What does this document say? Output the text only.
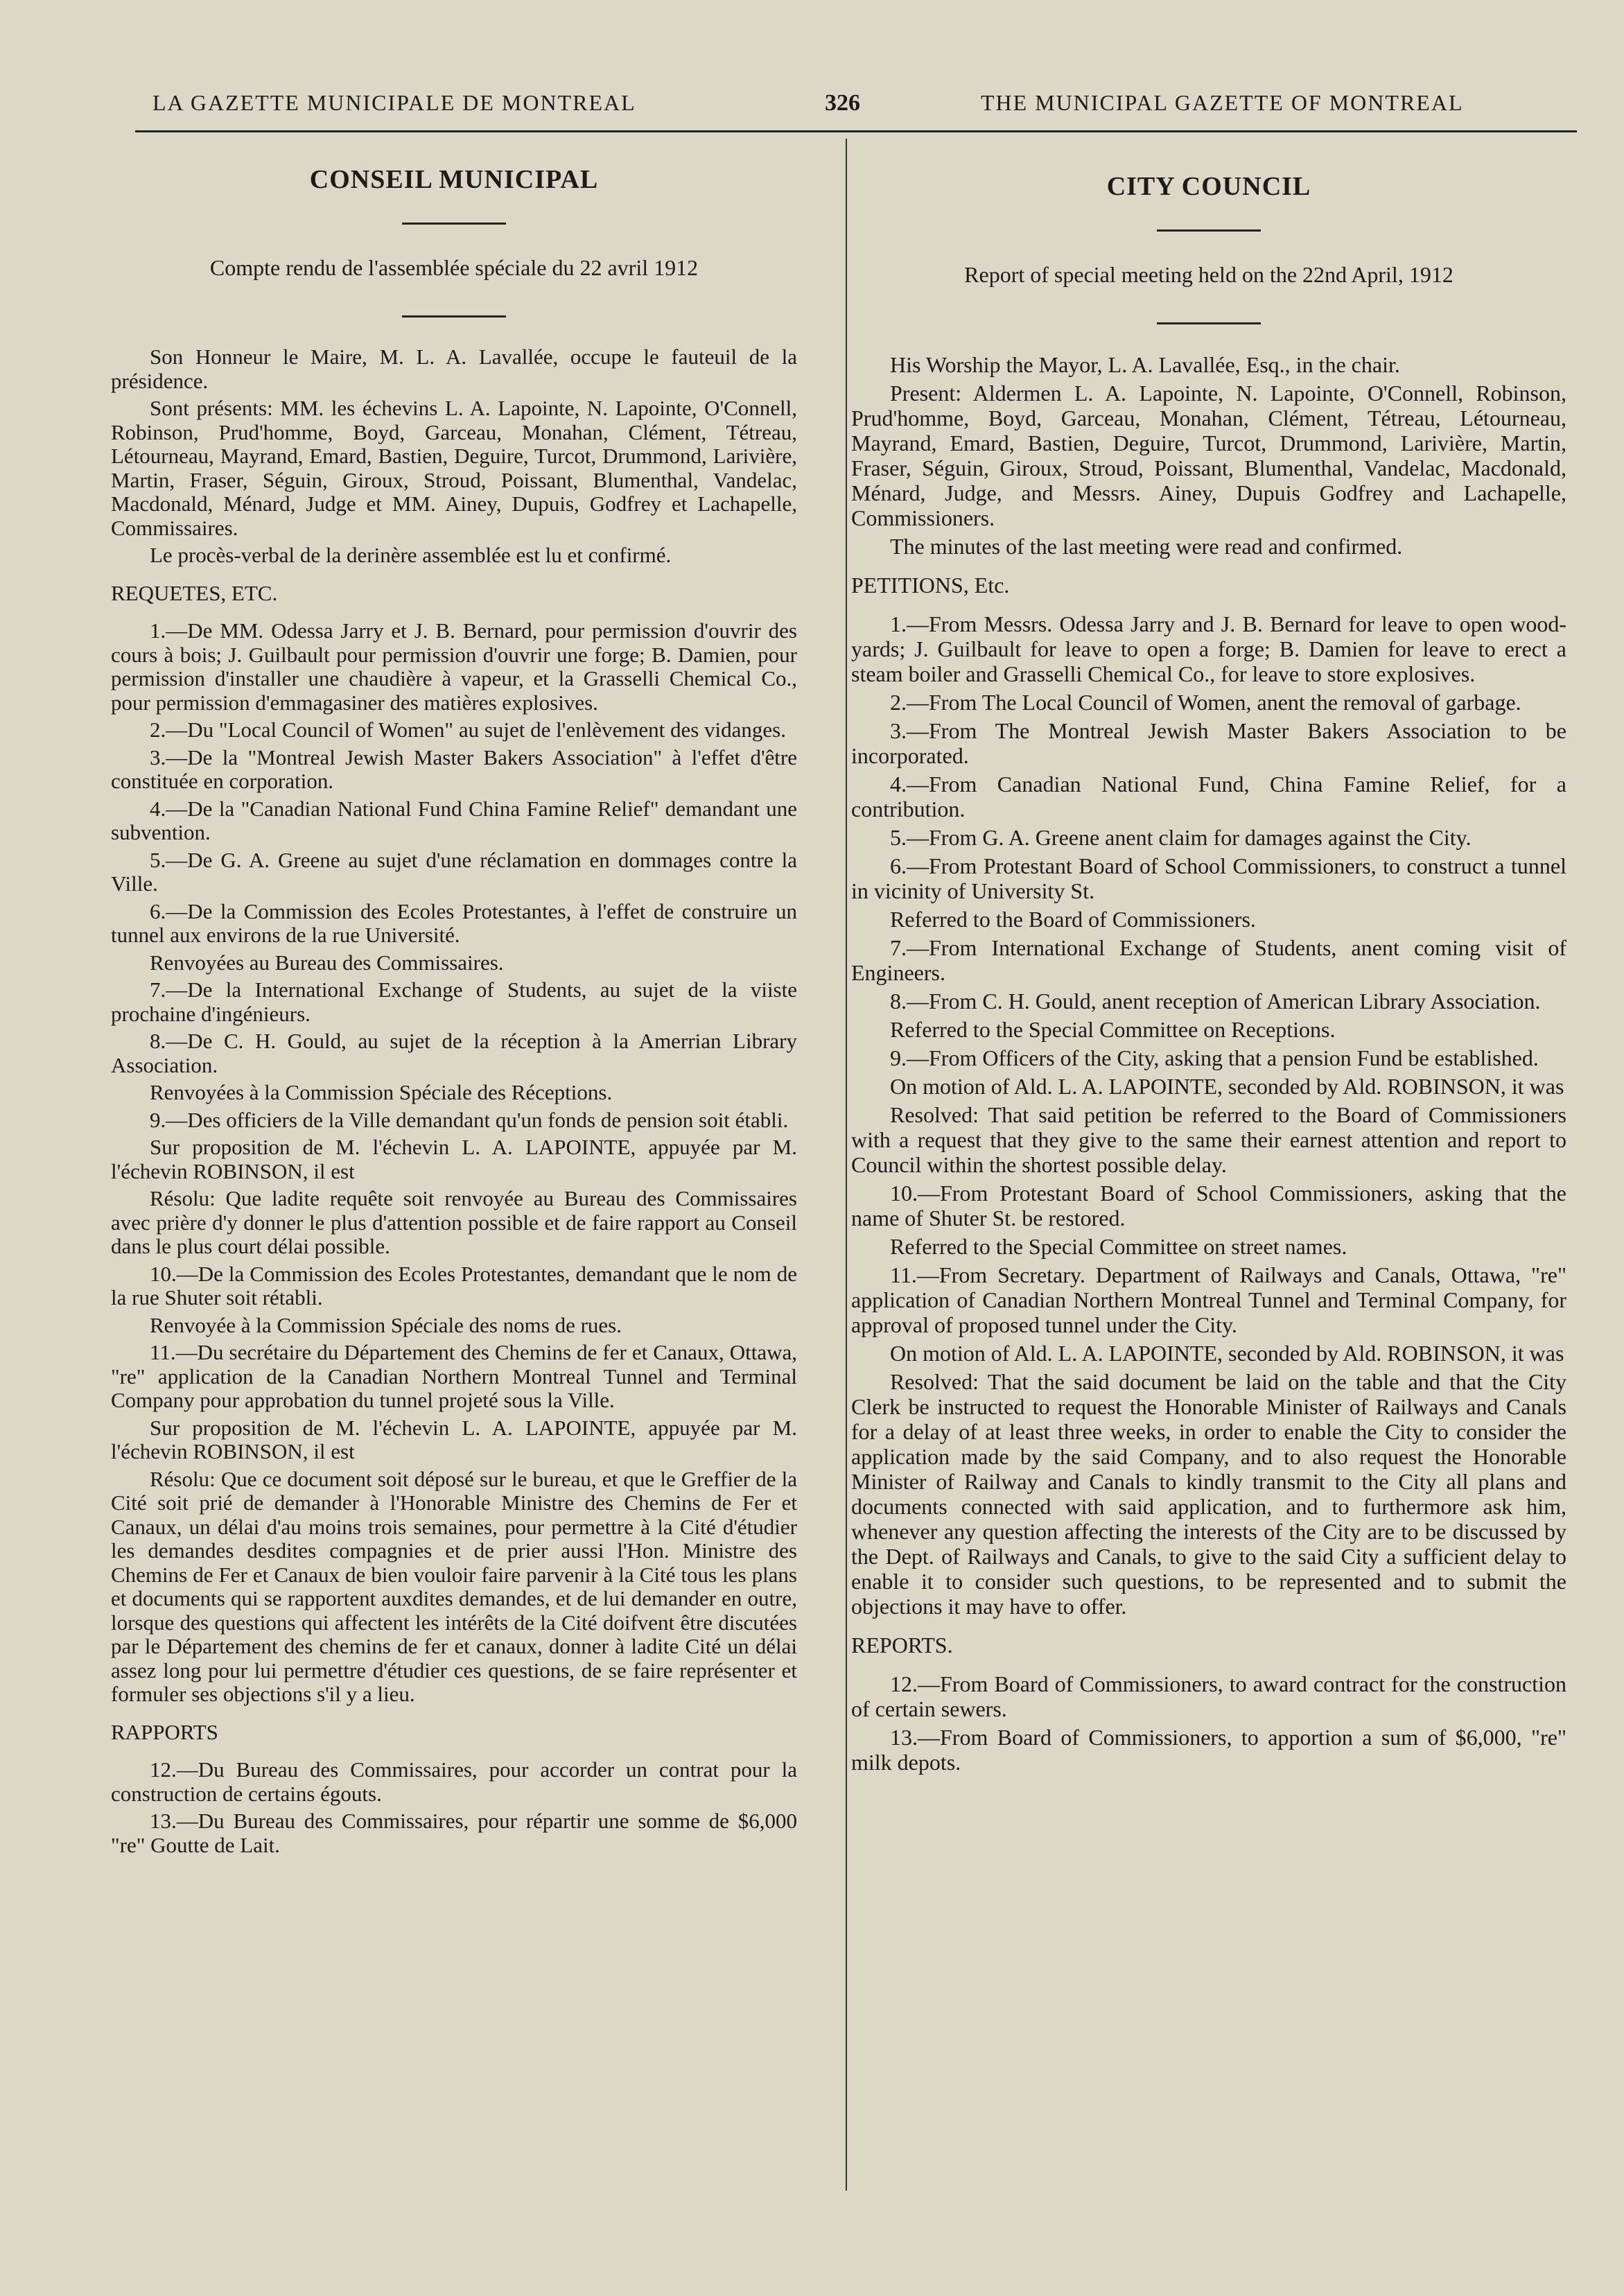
LA GAZETTE MUNICIPALE DE MONTREAL	326	THE MUNICIPAL GAZETTE OF MONTREAL
CONSEIL MUNICIPAL
Compte rendu de l'assemblée spéciale du 22 avril 1912

Son Honneur le Maire, M. L. A. Lavallée, occupe le fauteuil de la présidence.

Sont présents: MM. les échevins L. A. Lapointe, N. Lapointe, O'Connell, Robinson, Prud'homme, Boyd, Garceau, Monahan, Clément, Tétreau, Létourneau, Mayrand, Emard, Bastien, Deguire, Turcot, Drummond, Larivière, Martin, Fraser, Séguin, Giroux, Stroud, Poissant, Blumenthal, Vandelac, Macdonald, Ménard, Judge et MM. Ainey, Dupuis, Godfrey et Lachapelle, Commissaires.

Le procès-verbal de la derinère assemblée est lu et confirmé.

REQUETES, ETC.

1.—De MM. Odessa Jarry et J. B. Bernard, pour permission d'ouvrir des cours à bois; J. Guilbault pour permission d'ouvrir une forge; B. Damien, pour permission d'installer une chaudière à vapeur, et la Grasselli Chemical Co., pour permission d'emmagasiner des matières explosives.

2.—Du "Local Council of Women" au sujet de l'enlèvement des vidanges.

3.—De la "Montreal Jewish Master Bakers Association" à l'effet d'être constituée en corporation.

4.—De la "Canadian National Fund China Famine Relief" demandant une subvention.

5.—De G. A. Greene au sujet d'une réclamation en dommages contre la Ville.

6.—De la Commission des Ecoles Protestantes, à l'effet de construire un tunnel aux environs de la rue Université.

Renvoyées au Bureau des Commissaires.

7.—De la International Exchange of Students, au sujet de la viiste prochaine d'ingénieurs.

8.—De C. H. Gould, au sujet de la réception à la Amerrian Library Association.

Renvoyées à la Commission Spéciale des Réceptions.

9.—Des officiers de la Ville demandant qu'un fonds de pension soit établi.

Sur proposition de M. l'échevin L. A. LAPOINTE, appuyée par M. l'échevin ROBINSON, il est

Résolu: Que ladite requête soit renvoyée au Bureau des Commissaires avec prière d'y donner le plus d'attention possible et de faire rapport au Conseil dans le plus court délai possible.

10.—De la Commission des Ecoles Protestantes, demandant que le nom de la rue Shuter soit rétabli.

Renvoyée à la Commission Spéciale des noms de rues.

11.—Du secrétaire du Département des Chemins de fer et Canaux, Ottawa, "re" application de la Canadian Northern Montreal Tunnel and Terminal Company pour approbation du tunnel projeté sous la Ville.

Sur proposition de M. l'échevin L. A. LAPOINTE, appuyée par M. l'échevin ROBINSON, il est

Résolu: Que ce document soit déposé sur le bureau, et que le Greffier de la Cité soit prié de demander à l'Honorable Ministre des Chemins de Fer et Canaux, un délai d'au moins trois semaines, pour permettre à la Cité d'étudier les demandes desdites compagnies et de prier aussi l'Hon. Ministre des Chemins de Fer et Canaux de bien vouloir faire parvenir à la Cité tous les plans et documents qui se rapportent auxdites demandes, et de lui demander en outre, lorsque des questions qui affectent les intérêts de la Cité doifvent être discutées par le Département des chemins de fer et canaux, donner à ladite Cité un délai assez long pour lui permettre d'étudier ces questions, de se faire représenter et formuler ses objections s'il y a lieu.

RAPPORTS

12.—Du Bureau des Commissaires, pour accorder un contrat pour la construction de certains égouts.

13.—Du Bureau des Commissaires, pour répartir une somme de $6,000 "re" Goutte de Lait.

CITY COUNCIL
Report of special meeting held on the 22nd April, 1912

His Worship the Mayor, L. A. Lavallée, Esq., in the chair.

Present: Aldermen L. A. Lapointe, N. Lapointe, O'Connell, Robinson, Prud'homme, Boyd, Garceau, Monahan, Clément, Tétreau, Létourneau, Mayrand, Emard, Bastien, Deguire, Turcot, Drummond, Larivière, Martin, Fraser, Séguin, Giroux, Stroud, Poissant, Blumenthal, Vandelac, Macdonald, Ménard, Judge, and Messrs. Ainey, Dupuis Godfrey and Lachapelle, Commissioners.

The minutes of the last meeting were read and confirmed.

PETITIONS, Etc.

1.—From Messrs. Odessa Jarry and J. B. Bernard for leave to open wood-yards; J. Guilbault for leave to open a forge; B. Damien for leave to erect a steam boiler and Grasselli Chemical Co., for leave to store explosives.

2.—From The Local Council of Women, anent the removal of garbage.

3.—From The Montreal Jewish Master Bakers Association to be incorporated.

4.—From Canadian National Fund, China Famine Relief, for a contribution.

5.—From G. A. Greene anent claim for damages against the City.

6.—From Protestant Board of School Commissioners, to construct a tunnel in vicinity of University St.

Referred to the Board of Commissioners.

7.—From International Exchange of Students, anent coming visit of Engineers.

8.—From C. H. Gould, anent reception of American Library Association.

Referred to the Special Committee on Receptions.

9.—From Officers of the City, asking that a pension Fund be established.

On motion of Ald. L. A. LAPOINTE, seconded by Ald. ROBINSON, it was

Resolved: That said petition be referred to the Board of Commissioners with a request that they give to the same their earnest attention and report to Council within the shortest possible delay.

10.—From Protestant Board of School Commissioners, asking that the name of Shuter St. be restored.

Referred to the Special Committee on street names.

11.—From Secretary. Department of Railways and Canals, Ottawa, "re" application of Canadian Northern Montreal Tunnel and Terminal Company, for approval of proposed tunnel under the City.

On motion of Ald. L. A. LAPOINTE, seconded by Ald. ROBINSON, it was

Resolved: That the said document be laid on the table and that the City Clerk be instructed to request the Honorable Minister of Railways and Canals for a delay of at least three weeks, in order to enable the City to consider the application made by the said Company, and to also request the Honorable Minister of Railway and Canals to kindly transmit to the City all plans and documents connected with said application, and to furthermore ask him, whenever any question affecting the interests of the City are to be discussed by the Dept. of Railways and Canals, to give to the said City a sufficient delay to enable it to consider such questions, to be represented and to submit the objections it may have to offer.

REPORTS.

12.—From Board of Commissioners, to award contract for the construction of certain sewers.

13.—From Board of Commissioners, to apportion a sum of $6,000, "re" milk depots.
